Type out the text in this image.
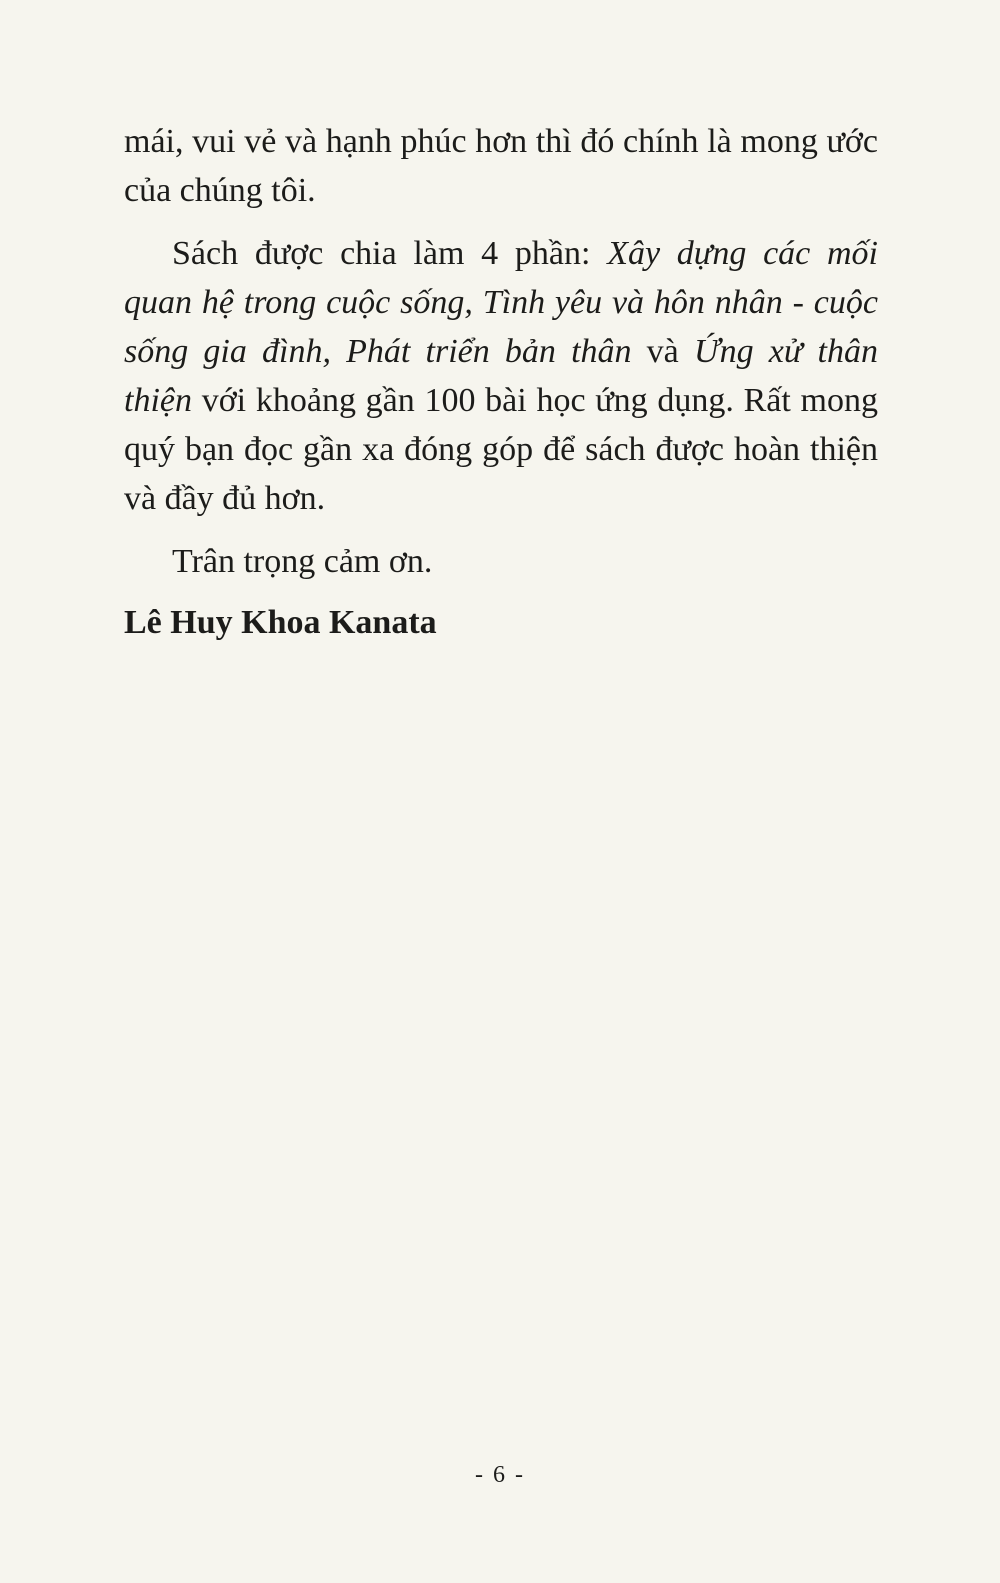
mái, vui vẻ và hạnh phúc hơn thì đó chính là mong ước của chúng tôi.

Sách được chia làm 4 phần: Xây dựng các mối quan hệ trong cuộc sống, Tình yêu và hôn nhân - cuộc sống gia đình, Phát triển bản thân và Ứng xử thân thiện với khoảng gần 100 bài học ứng dụng. Rất mong quý bạn đọc gần xa đóng góp để sách được hoàn thiện và đầy đủ hơn.

Trân trọng cảm ơn.

Lê Huy Khoa Kanata

- 6 -
